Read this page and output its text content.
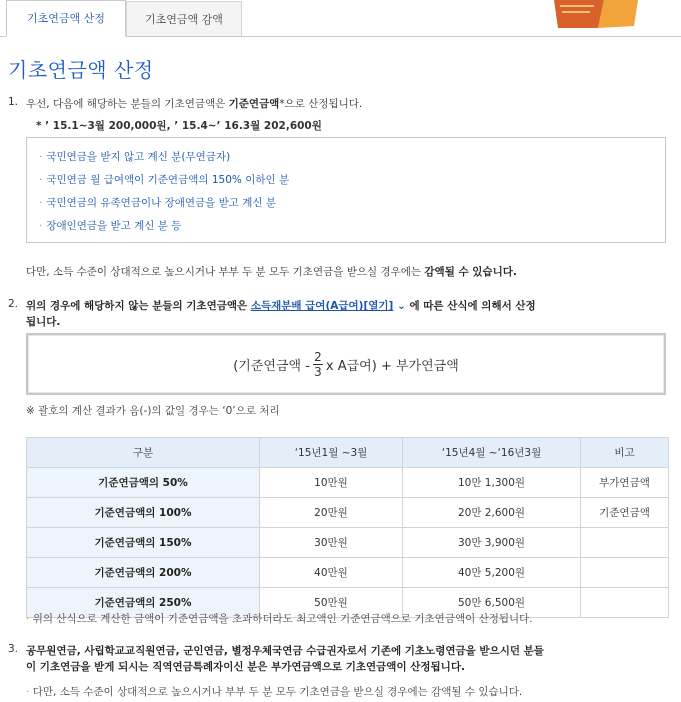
기초연금액 산정	기초연금액 감액
기초연금액 산정
1. 우선, 다음에 해당하는 분들의 기초연금액은 기준연금액*으로 산정됩니다.
* ’ 15.1~3월 200,000원, ’ 15.4~’ 16.3월 202,600원
· 국민연금을 받지 않고 계신 분(무연금자)
· 국민연금 월 급여액이 기준연금액의 150% 이하인 분
· 국민연금의 유족연금이나 장애연금을 받고 계신 분
· 장애인연금을 받고 계신 분 등
다만, 소득 수준이 상대적으로 높으시거나 부부 두 분 모두 기초연금을 받으실 경우에는 감액될 수 있습니다.
2. 위의 경우에 해당하지 않는 분들의 기초연금액은 소득재분배 급여(A급여)[열기] ⌄ 에 따른 산식에 의해서 산정
됩니다.
(기준연금액 - $\frac{2}{3}$ x A급여) + 부가연금액
※ 괄호의 계산 결과가 음(-)의 값일 경우는 ‘0’으로 처리
구분	‘15년1월 ~3월	‘15년4월 ~‘16년3월	비고
기준연금액의 50%	10만원	10만 1,300원	부가연금액
기준연금액의 100%	20만원	20만 2,600원	기준연금액
기준연금액의 150%	30만원	30만 3,900원	
기준연금액의 200%	40만원	40만 5,200원	
기준연금액의 250%	50만원	50만 6,500원	
· 위의 산식으로 계산한 금액이 기준연금액을 초과하더라도 최고액인 기준연금액으로 기초연금액이 산정됩니다.
3. 공무원연금, 사립학교교직원연금, 군인연금, 별정우체국연금 수급권자로서 기존에 기초노령연금을 받으시던 분들
이 기초연금을 받게 되시는 직역연금특례자이신 분은 부가연금액으로 기초연금액이 산정됩니다.
· 다만, 소득 수준이 상대적으로 높으시거나 부부 두 분 모두 기초연금을 받으실 경우에는 감액될 수 있습니다.
